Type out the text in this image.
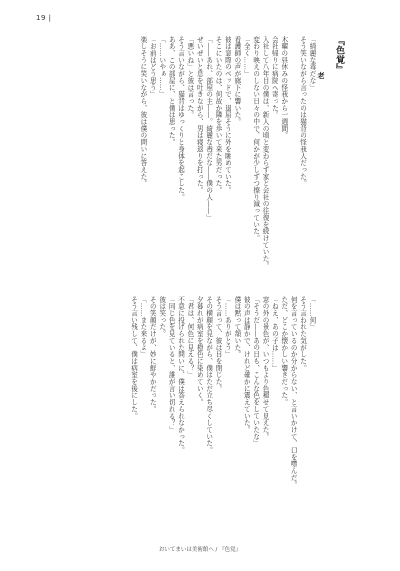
19 |
『色覚』
老
「綺麗な毒だな」
そう笑いながら言ったのは猫背の怪我人だった。
木曜の昼休みの怪我から一週間。
会社帰りに病院へ寄った。
入社して八年目の僕は、新人の頃と変わらず家と会社の往復を続けていた。
変わり映えのしない日々の中で、何かが少しずつ擦り減っていた。
「全く……」
看護師の声が廊下に響いた。
彼は窓際のベッドで、退屈そうに外を眺めていた。
そこにいたのは、何故か隣を歩いて来た男だった。
「――あれ、部屋の主――。綺麗な毒だな――僕の人――」
ぜいぜいと息を吐きながら、男は寝返りを打った。
「悪いね」と彼は言った。
そう言いながら、猫背はゆっくりと身体を起こした。
ああ、この部屋に、と僕は思った。
「……いやぁ……」
「お前はどう思う」
楽しそうに笑いながら、彼は僕の問いに答えた。
「……何」
そう言われた気がした。
何を言っているのか分からない、と言いかけて、口を噤んだ。
ただ、どこか懐かしい響きだった。
「ねえ、あの子は……」
窓の外の景色が、いつもより色褪せて見えた。
「そうだ――あの日も、こんな色をしていたな」
彼の声は静かで、けれど確かに震えていた。
僕は黙って頷いた。
「……ありがとう」
そう言って、彼は目を閉じた。
その横顔を見ながら、僕はただ立ち尽くしていた。
夕暮れが病室を橙色に染めていく。
「君は、何色に見える？」
不意に投げられた問いに、僕は答えられなかった。
「同じ色を見ていると、誰が言い切れる？」
彼は笑った。
その笑顔だけが、妙に鮮やかだった。
「……また来るよ」
そう言い残して、僕は病室を後にした。
おいてまいは美術館へ / 『色覚』
